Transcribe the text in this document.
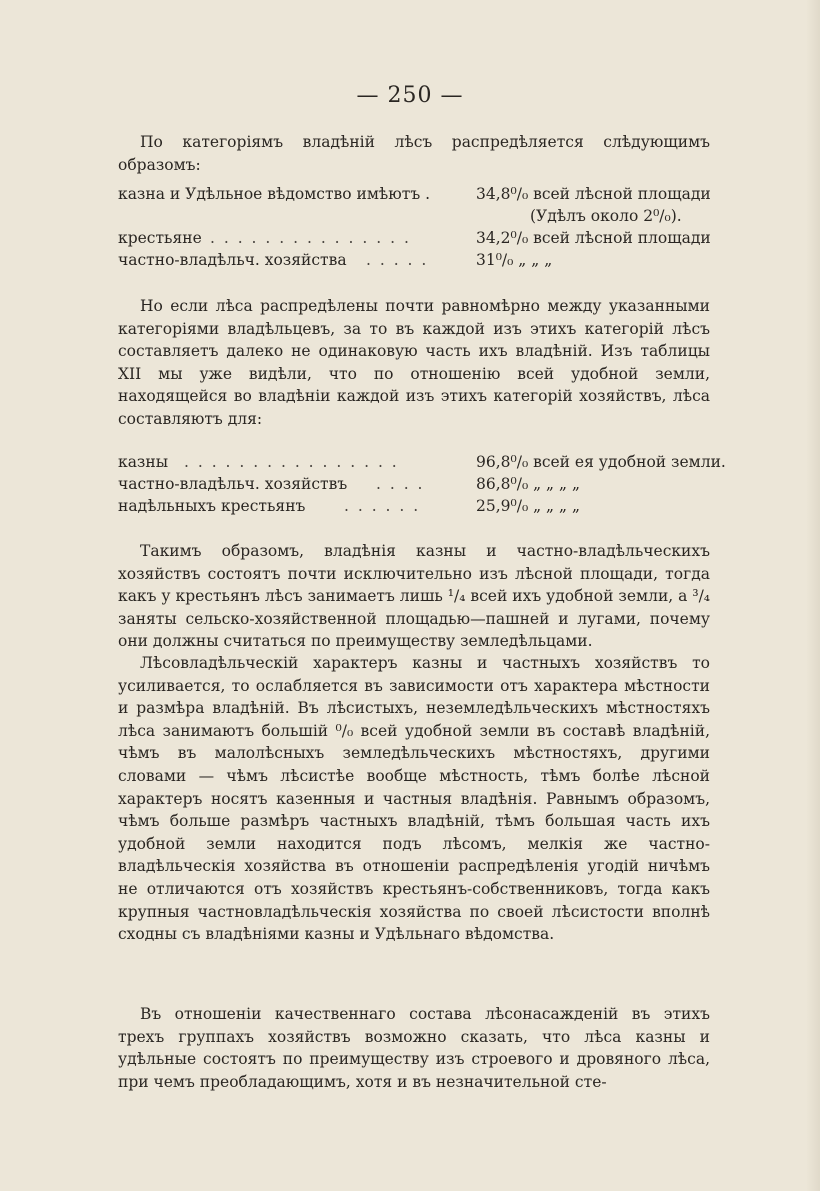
— 250 —

По категоріямъ владѣній лѣсъ распредѣляется слѣдующимъ образомъ:

казна и Удѣльное вѣдомство имѣютъ .	34,8⁰/₀ всей лѣсной площади
(Удѣлъ около 2⁰/₀).
крестьяне . . . . . . . . . . . . . . .	34,2⁰/₀ всей лѣсной площади
частно-владѣльч. хозяйства . . . . .	31⁰/₀ „ „ „

Но если лѣса распредѣлены почти равномѣрно между указанными категоріями владѣльцевъ, за то въ каждой изъ этихъ категорій лѣсъ составляетъ далеко не одинаковую часть ихъ владѣній. Изъ таблицы XII мы уже видѣли, что по отношенію всей удобной земли, находящейся во владѣніи каждой изъ этихъ категорій хозяйствъ, лѣса составляютъ для:

казны . . . . . . . . . . . . . . . .	96,8⁰/₀ всей ея удобной земли.
частно-владѣльч. хозяйствъ . . . .	86,8⁰/₀ „ „ „ „
надѣльныхъ крестьянъ . . . . . .	25,9⁰/₀ „ „ „ „

Такимъ образомъ, владѣнія казны и частно-владѣльческихъ хозяйствъ состоятъ почти исключительно изъ лѣсной площади, тогда какъ у крестьянъ лѣсъ занимаетъ лишь ¹/₄ всей ихъ удобной земли, а ³/₄ заняты сельско-хозяйственной площадью—пашней и лугами, почему они должны считаться по преимуществу земледѣльцами.

Лѣсовладѣльческій характеръ казны и частныхъ хозяйствъ то усиливается, то ослабляется въ зависимости отъ характера мѣстности и размѣра владѣній. Въ лѣсистыхъ, неземледѣльческихъ мѣстностяхъ лѣса занимаютъ большій ⁰/₀ всей удобной земли въ составѣ владѣній, чѣмъ въ малолѣсныхъ земледѣльческихъ мѣстностяхъ, другими словами — чѣмъ лѣсистѣе вообще мѣстность, тѣмъ болѣе лѣсной характеръ носятъ казенныя и частныя владѣнія. Равнымъ образомъ, чѣмъ больше размѣръ частныхъ владѣній, тѣмъ большая часть ихъ удобной земли находится подъ лѣсомъ, мелкія же частно-владѣльческія хозяйства въ отношеніи распредѣленія угодій ничѣмъ не отличаются отъ хозяйствъ крестьянъ-собственниковъ, тогда какъ крупныя частновладѣльческія хозяйства по своей лѣсистости вполнѣ сходны съ владѣніями казны и Удѣльнаго вѣдомства.

Въ отношеніи качественнаго состава лѣсонасажденій въ этихъ трехъ группахъ хозяйствъ возможно сказать, что лѣса казны и удѣльные состоятъ по преимуществу изъ строевого и дровяного лѣса, при чемъ преобладающимъ, хотя и въ незначительной сте-
